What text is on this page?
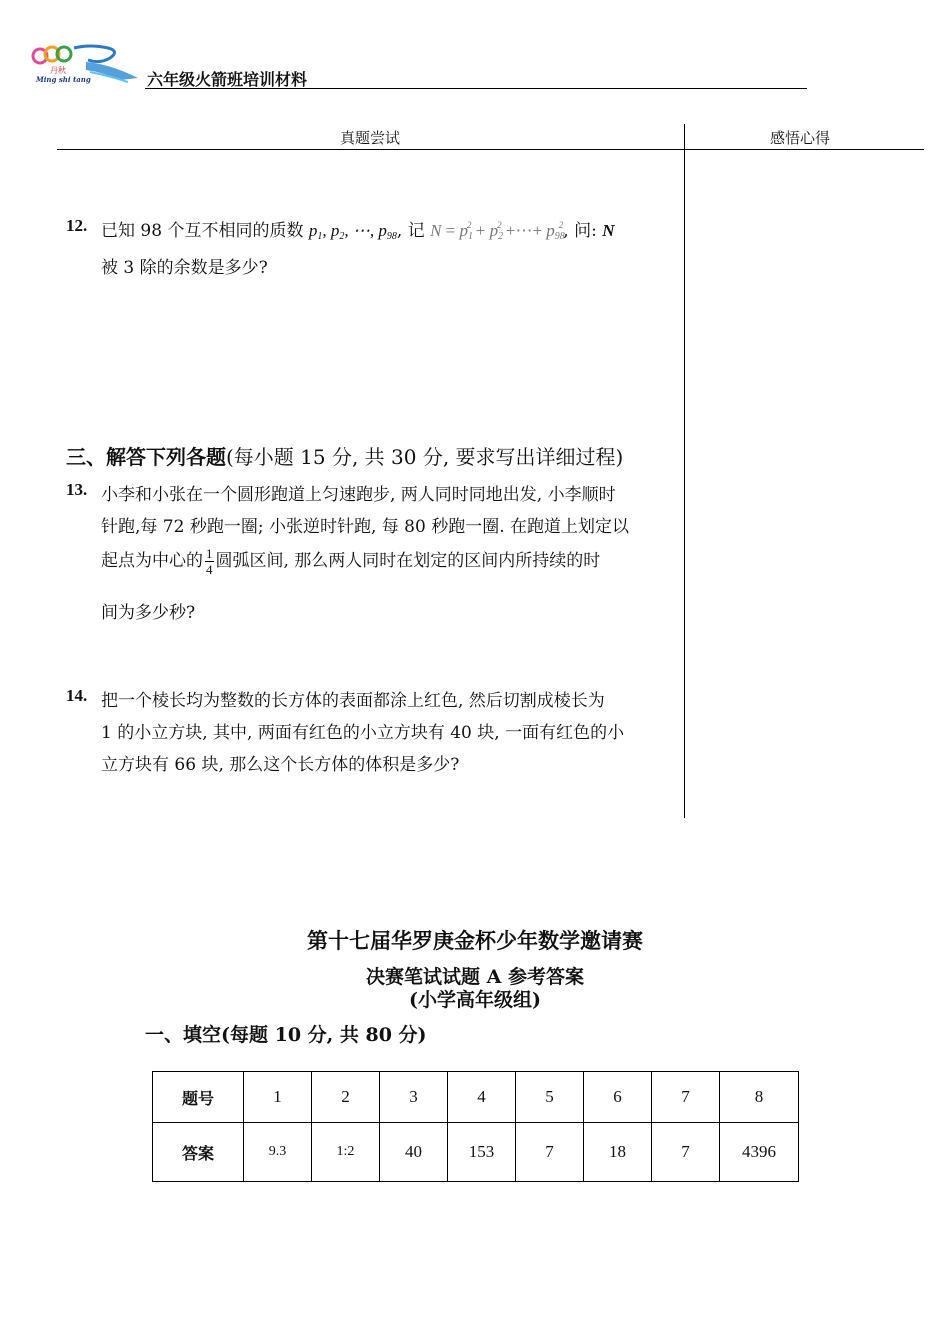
丹秋
Ming shi tang	六年级火箭班培训材料
真题尝试	感悟心得
12. 已知 98 个互不相同的质数 $p_1$, $p_2$, ⋯, $p_{98}$, 记 $N = p_1^2 + p_2^2$ +⋯+ $p_{98}^2$, 问: N
被 3 除的余数是多少?
三、解答下列各题(每小题 15 分, 共 30 分, 要求写出详细过程)
13. 小李和小张在一个圆形跑道上匀速跑步, 两人同时同地出发, 小李顺时
针跑,每 72 秒跑一圈; 小张逆时针跑, 每 80 秒跑一圈. 在跑道上划定以
起点为中心的 $\frac{1}{4}$ 圆弧区间, 那么两人同时在划定的区间内所持续的时
间为多少秒?
14. 把一个棱长均为整数的长方体的表面都涂上红色, 然后切割成棱长为
1 的小立方块, 其中, 两面有红色的小立方块有 40 块, 一面有红色的小
立方块有 66 块, 那么这个长方体的体积是多少?
第十七届华罗庚金杯少年数学邀请赛
决赛笔试试题 A 参考答案
(小学高年级组)
一、填空(每题 10 分, 共 80 分)
题号	1	2	3	4	5	6	7	8
答案	9.3	1:2	40	153	7	18	7	4396
